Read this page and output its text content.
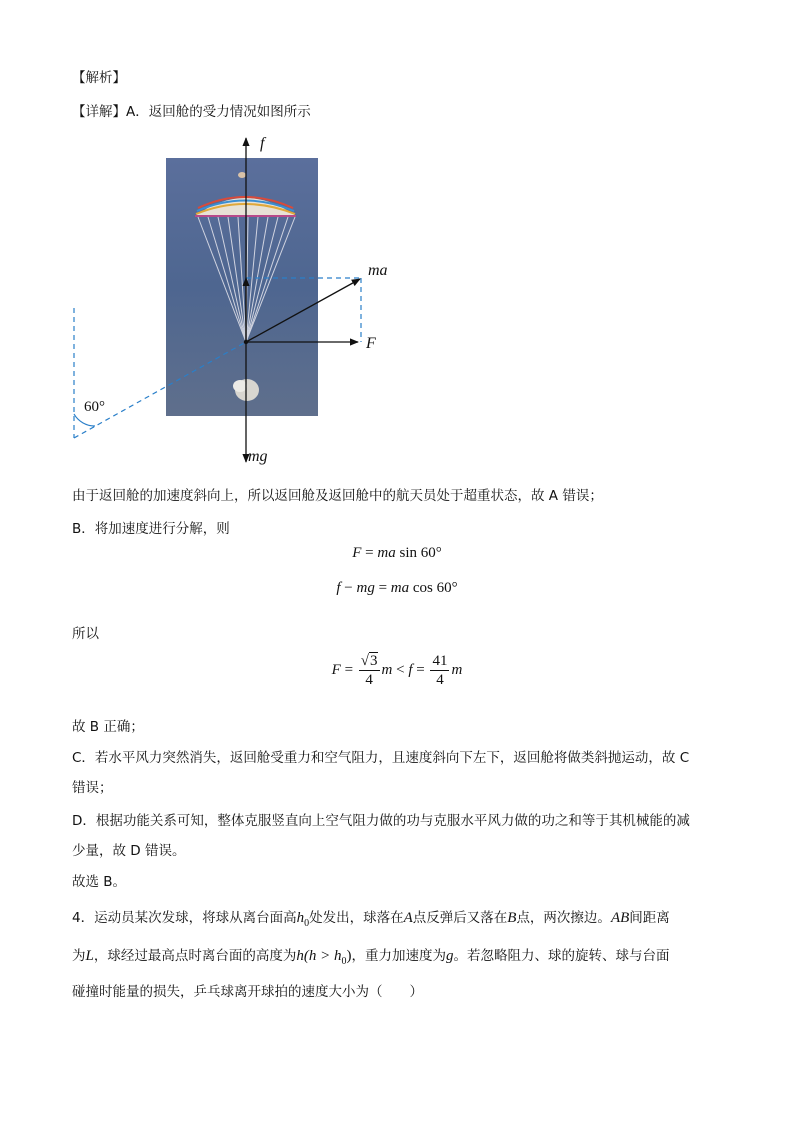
【解析】
【详解】A．返回舱的受力情况如图所示
f
ma
F
mg
60°
由于返回舱的加速度斜向上，所以返回舱及返回舱中的航天员处于超重状态，故 A 错误；
B．将加速度进行分解，则
F = ma sin 60°
f − mg = ma cos 60°
所以
$F = \frac{√3}{4}$ $m < f = \frac{41}{4}$ m
故 B 正确；
C．若水平风力突然消失，返回舱受重力和空气阻力，且速度斜向下左下，返回舱将做类斜抛运动，故 C
错误；
D．根据功能关系可知，整体克服竖直向上空气阻力做的功与克服水平风力做的功之和等于其机械能的减
少量，故 D 错误。
故选 B。
4．运动员某次发球，将球从离台面高$h_0$处发出，球落在A点反弹后又落在B点，两次擦边。AB间距离
为L，球经过最高点时离台面的高度为$h(h > h_0)$，重力加速度为g。若忽略阻力、球的旋转、球与台面
碰撞时能量的损失，乒乓球离开球拍的速度大小为（　　）
